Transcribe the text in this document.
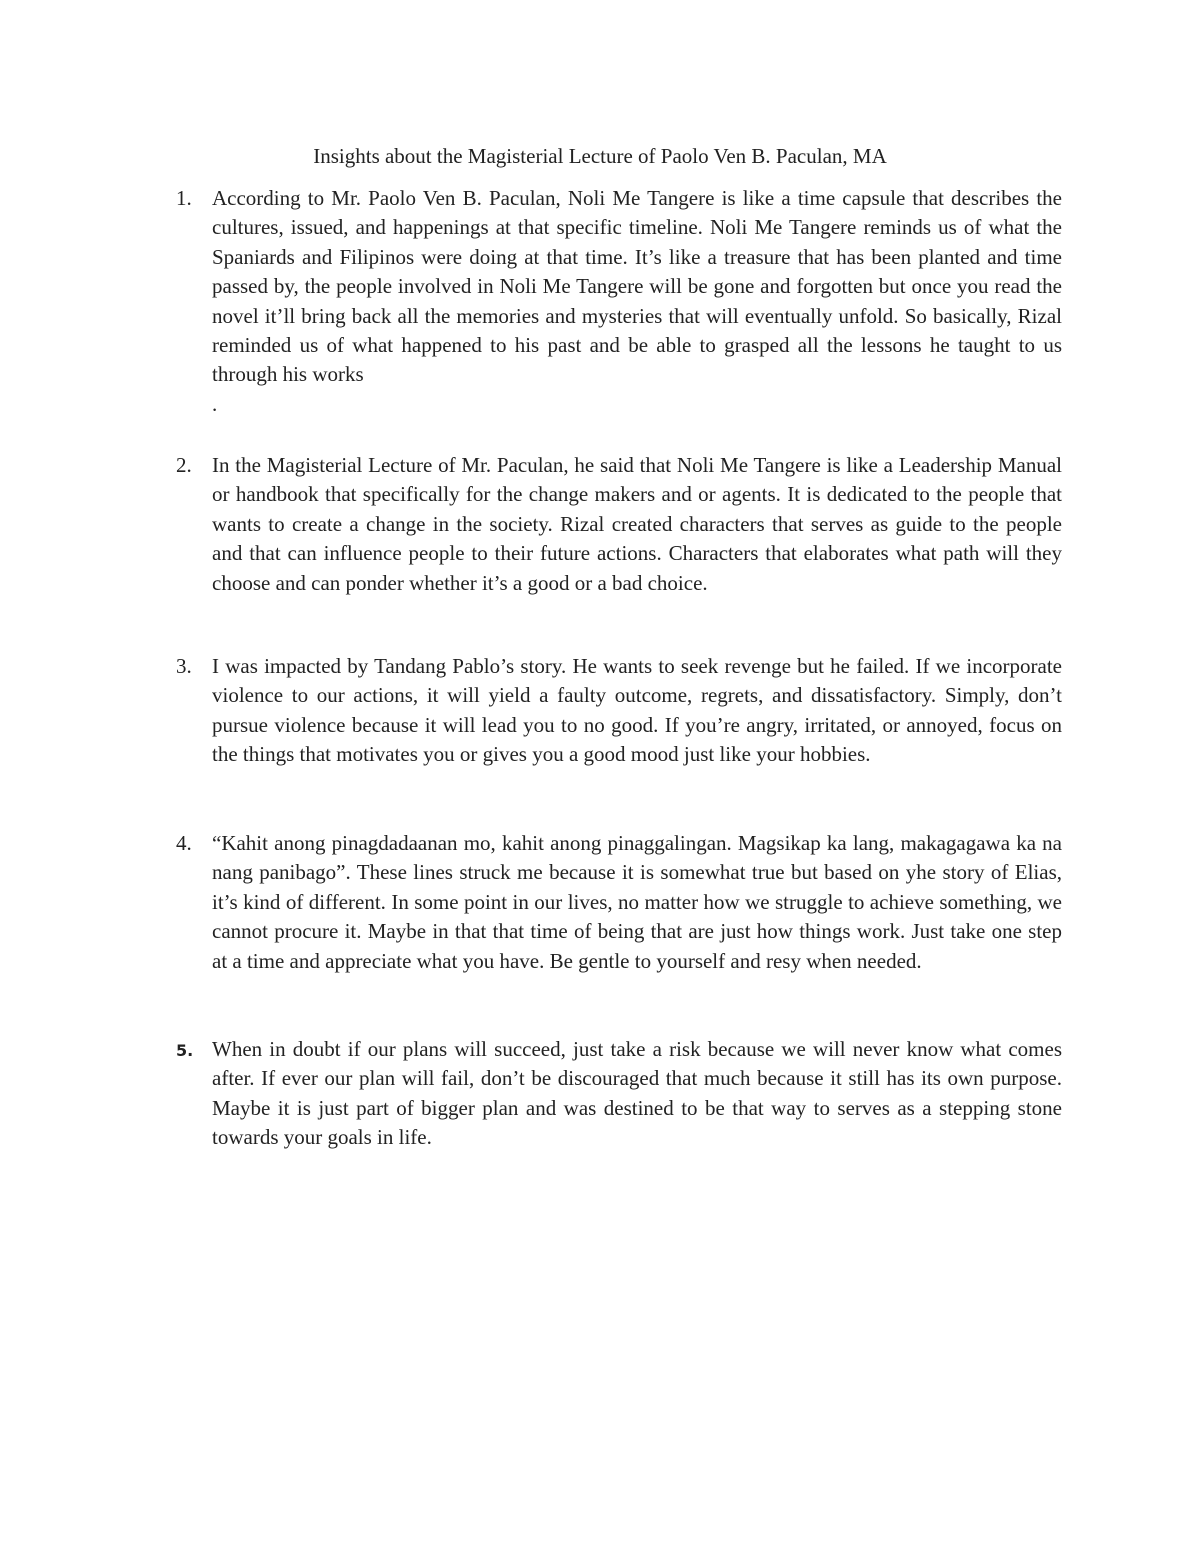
Insights about the Magisterial Lecture of Paolo Ven B. Paculan, MA
1. According to Mr. Paolo Ven B. Paculan, Noli Me Tangere is like a time capsule that describes the cultures, issued, and happenings at that specific timeline. Noli Me Tangere reminds us of what the Spaniards and Filipinos were doing at that time. It’s like a treasure that has been planted and time passed by, the people involved in Noli Me Tangere will be gone and forgotten but once you read the novel it’ll bring back all the memories and mysteries that will eventually unfold. So basically, Rizal reminded us of what happened to his past and be able to grasped all the lessons he taught to us through his works
.
2. In the Magisterial Lecture of Mr. Paculan, he said that Noli Me Tangere is like a Leadership Manual or handbook that specifically for the change makers and or agents. It is dedicated to the people that wants to create a change in the society. Rizal created characters that serves as guide to the people and that can influence people to their future actions. Characters that elaborates what path will they choose and can ponder whether it’s a good or a bad choice.
3. I was impacted by Tandang Pablo’s story. He wants to seek revenge but he failed. If we incorporate violence to our actions, it will yield a faulty outcome, regrets, and dissatisfactory. Simply, don’t pursue violence because it will lead you to no good. If you’re angry, irritated, or annoyed, focus on the things that motivates you or gives you a good mood just like your hobbies.
4. “Kahit anong pinagdadaanan mo, kahit anong pinaggalingan. Magsikap ka lang, makagagawa ka na nang panibago”. These lines struck me because it is somewhat true but based on yhe story of Elias, it’s kind of different. In some point in our lives, no matter how we struggle to achieve something, we cannot procure it. Maybe in that that time of being that are just how things work. Just take one step at a time and appreciate what you have. Be gentle to yourself and resy when needed.
5. When in doubt if our plans will succeed, just take a risk because we will never know what comes after. If ever our plan will fail, don’t be discouraged that much because it still has its own purpose. Maybe it is just part of bigger plan and was destined to be that way to serves as a stepping stone towards your goals in life.
